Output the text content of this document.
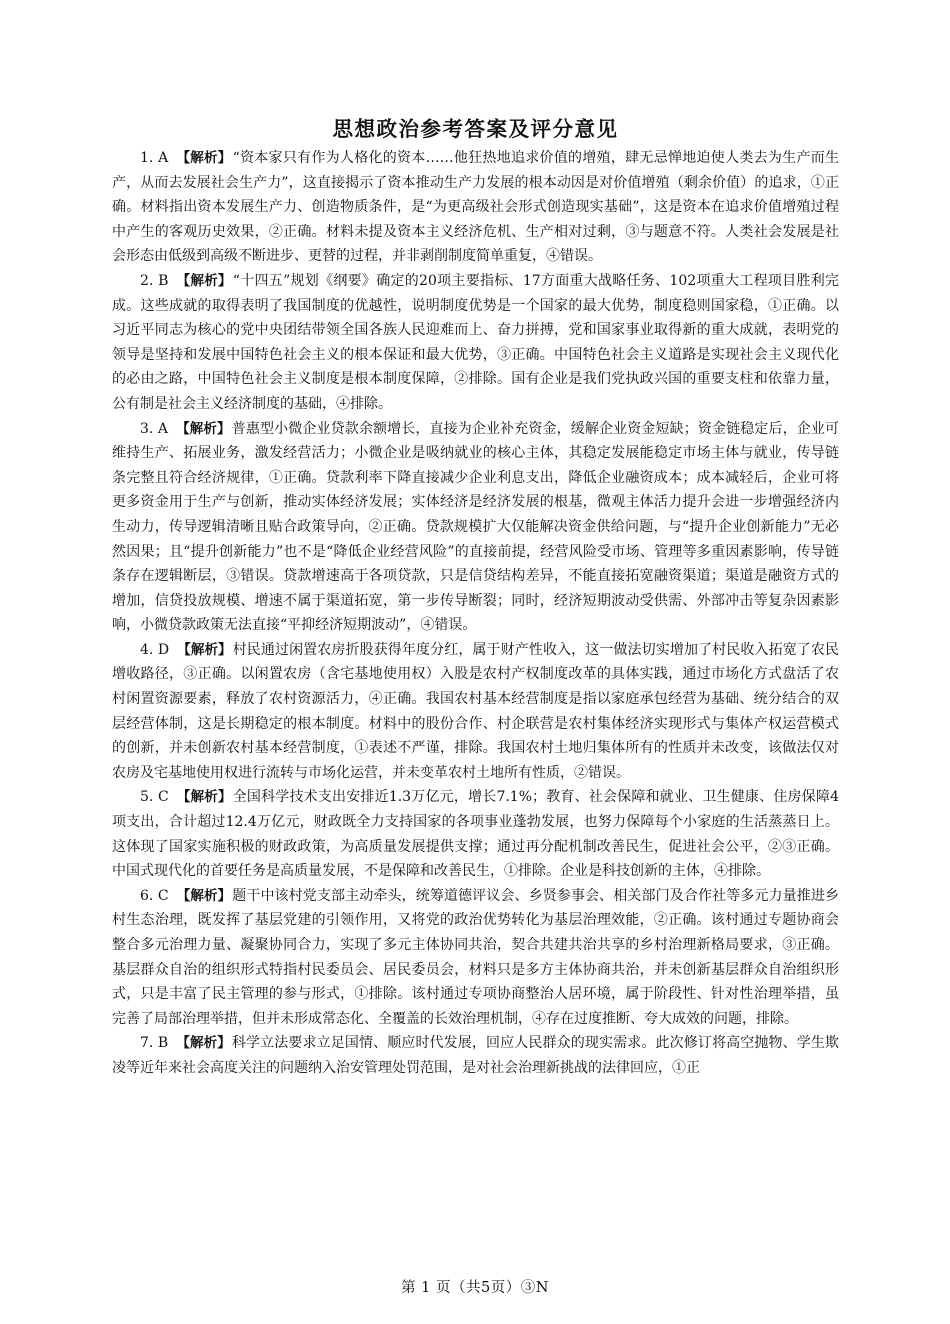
思想政治参考答案及评分意见

1. A 【解析】“资本家只有作为人格化的资本……他狂热地追求价值的增殖，肆无忌惮地迫使人类去为生产而生产，从而去发展社会生产力”，这直接揭示了资本推动生产力发展的根本动因是对价值增殖（剩余价值）的追求，①正确。材料指出资本发展生产力、创造物质条件，是“为更高级社会形式创造现实基础”，这是资本在追求价值增殖过程中产生的客观历史效果，②正确。材料未提及资本主义经济危机、生产相对过剩，③与题意不符。人类社会发展是社会形态由低级到高级不断进步、更替的过程，并非剥削制度简单重复，④错误。

2. B 【解析】“十四五”规划《纲要》确定的20项主要指标、17方面重大战略任务、102项重大工程项目胜利完成。这些成就的取得表明了我国制度的优越性，说明制度优势是一个国家的最大优势，制度稳则国家稳，①正确。以习近平同志为核心的党中央团结带领全国各族人民迎难而上、奋力拼搏，党和国家事业取得新的重大成就，表明党的领导是坚持和发展中国特色社会主义的根本保证和最大优势，③正确。中国特色社会主义道路是实现社会主义现代化的必由之路，中国特色社会主义制度是根本制度保障，②排除。国有企业是我们党执政兴国的重要支柱和依靠力量，公有制是社会主义经济制度的基础，④排除。

3. A 【解析】普惠型小微企业贷款余额增长，直接为企业补充资金，缓解企业资金短缺；资金链稳定后，企业可维持生产、拓展业务，激发经营活力；小微企业是吸纳就业的核心主体，其稳定发展能稳定市场主体与就业，传导链条完整且符合经济规律，①正确。贷款利率下降直接减少企业利息支出，降低企业融资成本；成本减轻后，企业可将更多资金用于生产与创新，推动实体经济发展；实体经济是经济发展的根基，微观主体活力提升会进一步增强经济内生动力，传导逻辑清晰且贴合政策导向，②正确。贷款规模扩大仅能解决资金供给问题，与“提升企业创新能力”无必然因果；且“提升创新能力”也不是“降低企业经营风险”的直接前提，经营风险受市场、管理等多重因素影响，传导链条存在逻辑断层，③错误。贷款增速高于各项贷款，只是信贷结构差异，不能直接拓宽融资渠道；渠道是融资方式的增加，信贷投放规模、增速不属于渠道拓宽，第一步传导断裂；同时，经济短期波动受供需、外部冲击等复杂因素影响，小微贷款政策无法直接“平抑经济短期波动”，④错误。

4. D 【解析】村民通过闲置农房折股获得年度分红，属于财产性收入，这一做法切实增加了村民收入拓宽了农民增收路径，③正确。以闲置农房（含宅基地使用权）入股是农村产权制度改革的具体实践，通过市场化方式盘活了农村闲置资源要素，释放了农村资源活力，④正确。我国农村基本经营制度是指以家庭承包经营为基础、统分结合的双层经营体制，这是长期稳定的根本制度。材料中的股份合作、村企联营是农村集体经济实现形式与集体产权运营模式的创新，并未创新农村基本经营制度，①表述不严谨，排除。我国农村土地归集体所有的性质并未改变，该做法仅对农房及宅基地使用权进行流转与市场化运营，并未变革农村土地所有性质，②错误。

5. C 【解析】全国科学技术支出安排近1.3万亿元，增长7.1%；教育、社会保障和就业、卫生健康、住房保障4项支出，合计超过12.4万亿元，财政既全力支持国家的各项事业蓬勃发展，也努力保障每个小家庭的生活蒸蒸日上。这体现了国家实施积极的财政政策，为高质量发展提供支撑；通过再分配机制改善民生，促进社会公平，②③正确。中国式现代化的首要任务是高质量发展，不是保障和改善民生，①排除。企业是科技创新的主体，④排除。

6. C 【解析】题干中该村党支部主动牵头，统筹道德评议会、乡贤参事会、相关部门及合作社等多元力量推进乡村生态治理，既发挥了基层党建的引领作用，又将党的政治优势转化为基层治理效能，②正确。该村通过专题协商会整合多元治理力量、凝聚协同合力，实现了多元主体协同共治，契合共建共治共享的乡村治理新格局要求，③正确。基层群众自治的组织形式特指村民委员会、居民委员会，材料只是多方主体协商共治，并未创新基层群众自治组织形式，只是丰富了民主管理的参与形式，①排除。该村通过专项协商整治人居环境，属于阶段性、针对性治理举措，虽完善了局部治理举措，但并未形成常态化、全覆盖的长效治理机制，④存在过度推断、夸大成效的问题，排除。

7. B 【解析】科学立法要求立足国情、顺应时代发展，回应人民群众的现实需求。此次修订将高空抛物、学生欺凌等近年来社会高度关注的问题纳入治安管理处罚范围，是对社会治理新挑战的法律回应，①正

第 1 页（共5页）③N
